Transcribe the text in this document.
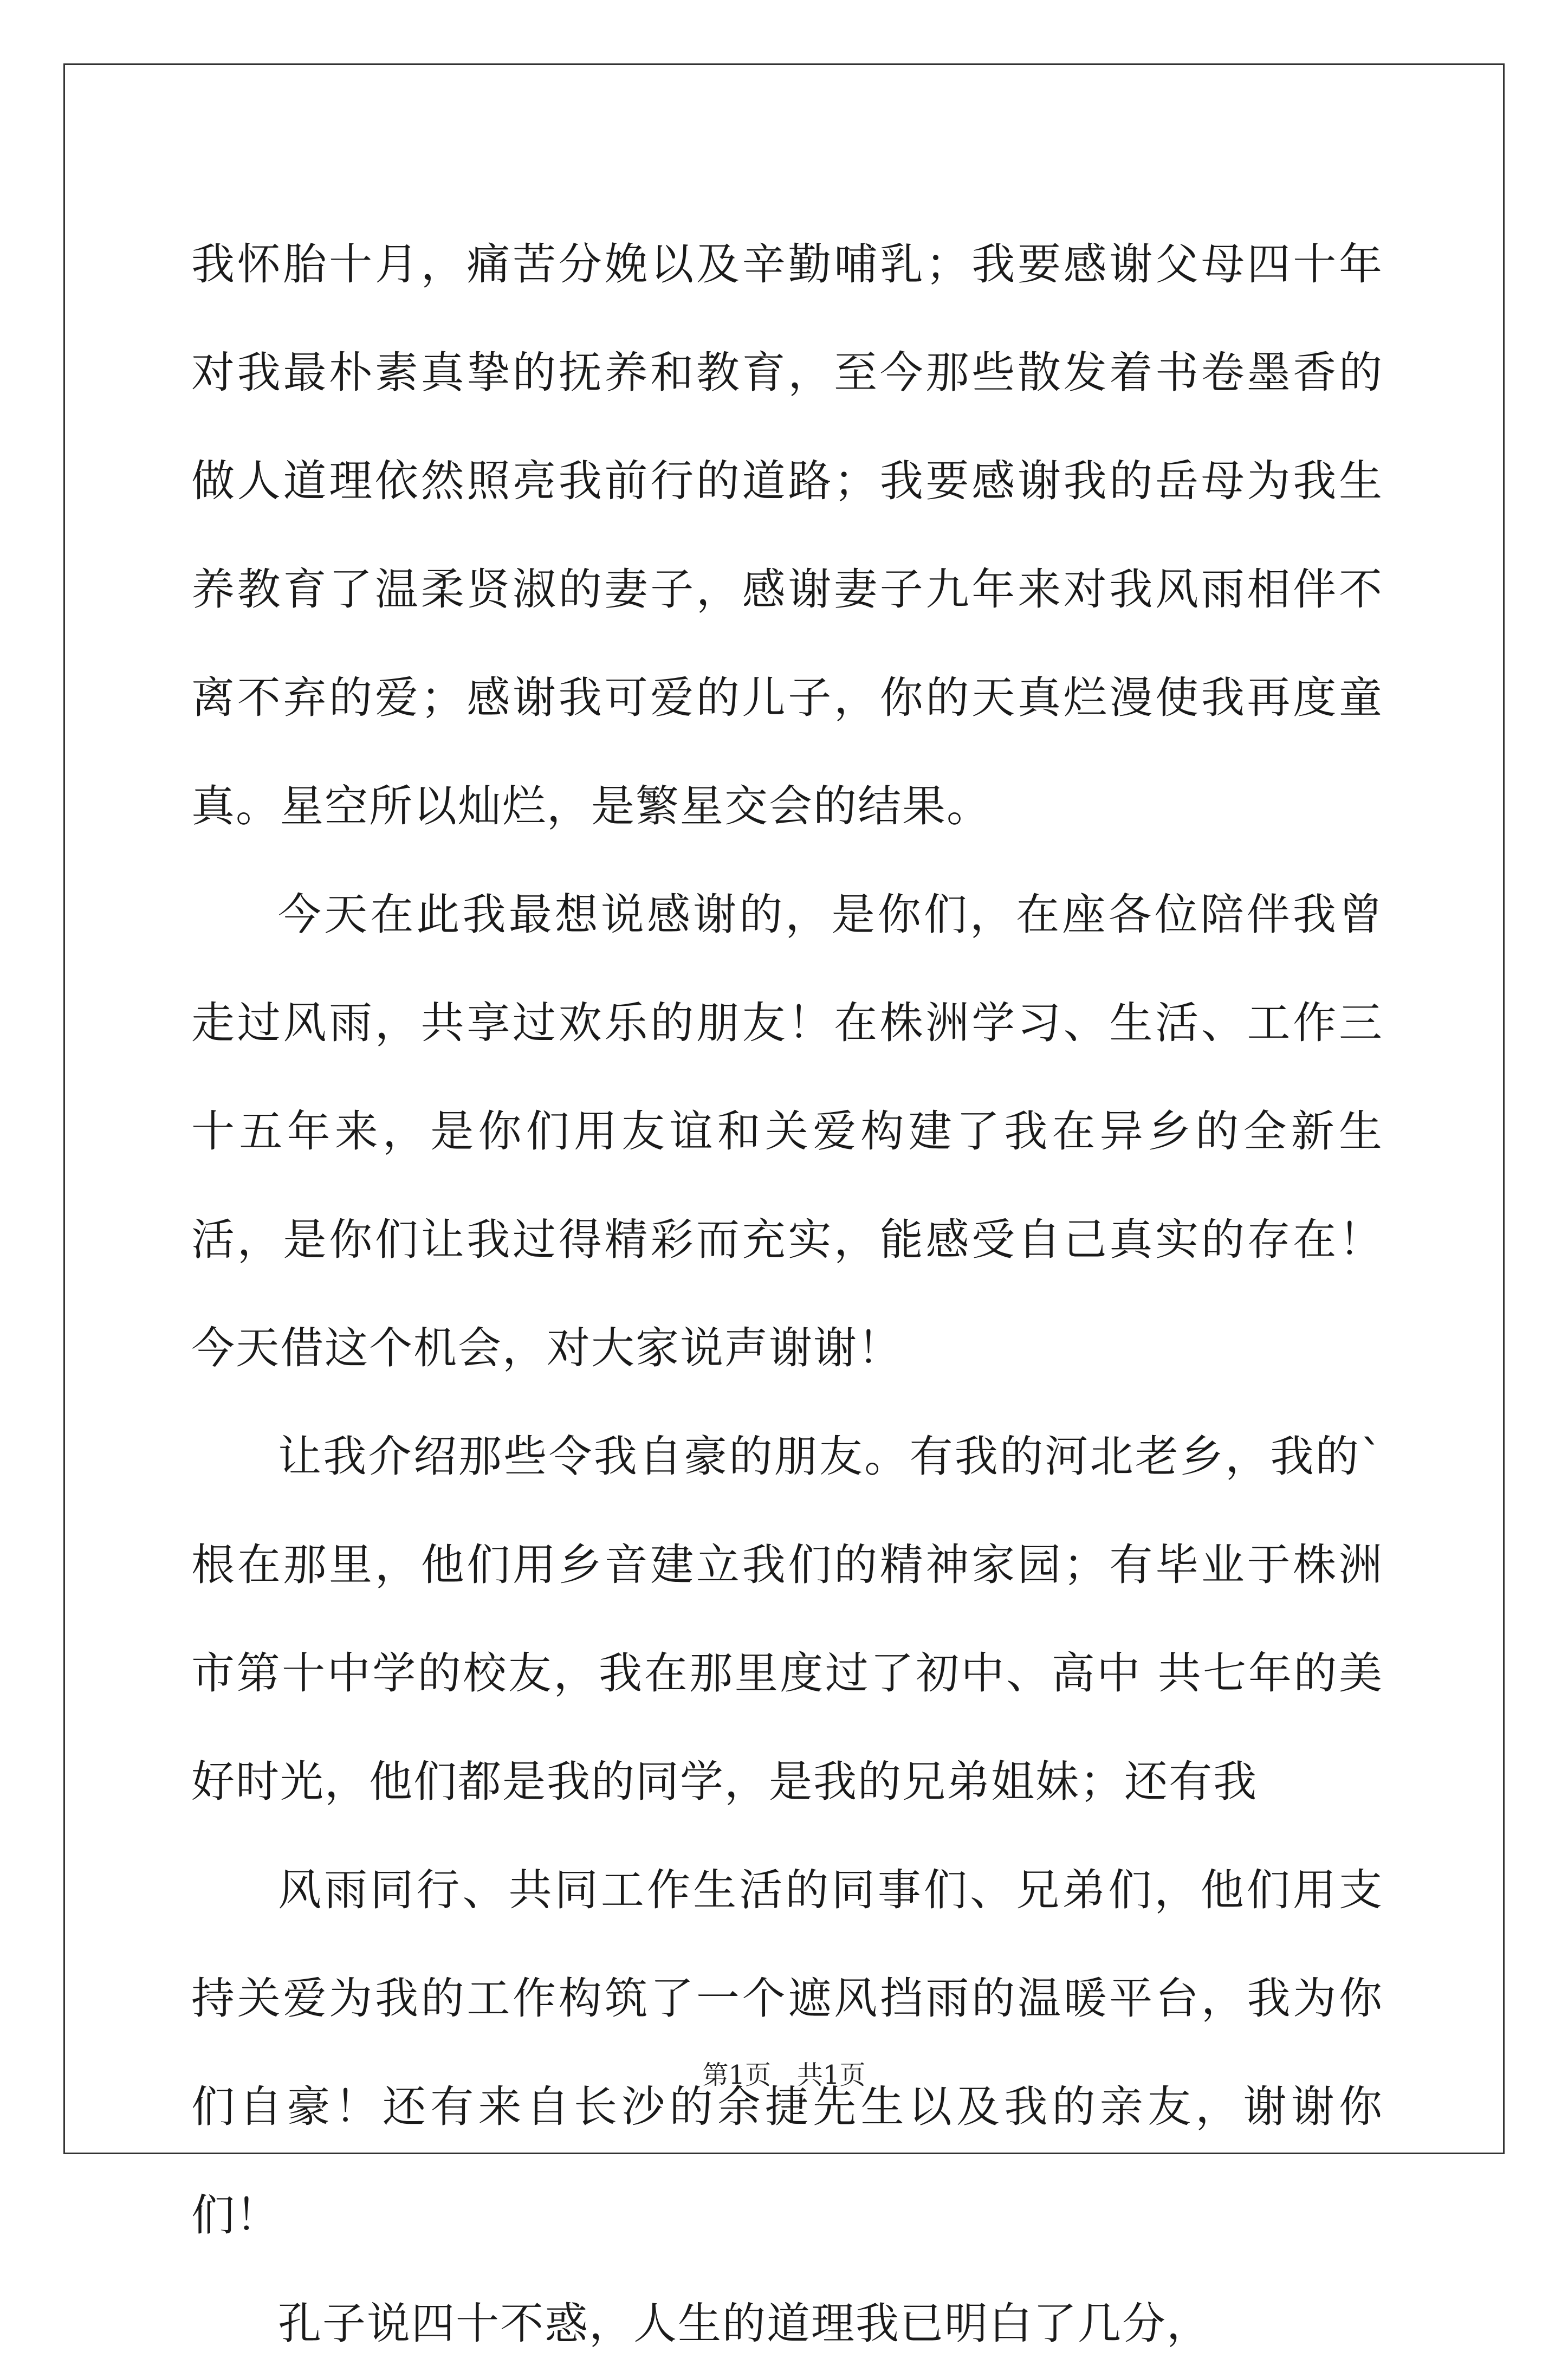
我怀胎十月，痛苦分娩以及辛勤哺乳；我要感谢父母四十年对我最朴素真挚的抚养和教育，至今那些散发着书卷墨香的做人道理依然照亮我前行的道路；我要感谢我的岳母为我生养教育了温柔贤淑的妻子，感谢妻子九年来对我风雨相伴不离不弃的爱；感谢我可爱的儿子，你的天真烂漫使我再度童真。星空所以灿烂，是繁星交会的结果。

今天在此我最想说感谢的，是你们，在座各位陪伴我曾走过风雨，共享过欢乐的朋友！在株洲学习、生活、工作三十五年来，是你们用友谊和关爱构建了我在异乡的全新生活，是你们让我过得精彩而充实，能感受自己真实的存在！今天借这个机会，对大家说声谢谢！

让我介绍那些令我自豪的朋友。有我的河北老乡，我的`根在那里，他们用乡音建立我们的精神家园；有毕业于株洲市第十中学的校友，我在那里度过了初中、高中 共七年的美好时光，他们都是我的同学，是我的兄弟姐妹；还有我

风雨同行、共同工作生活的同事们、兄弟们，他们用支持关爱为我的工作构筑了一个遮风挡雨的温暖平台，我为你们自豪！还有来自长沙的余捷先生以及我的亲友，谢谢你们！

孔子说四十不惑，人生的道理我已明白了几分，

第1页　共1页
